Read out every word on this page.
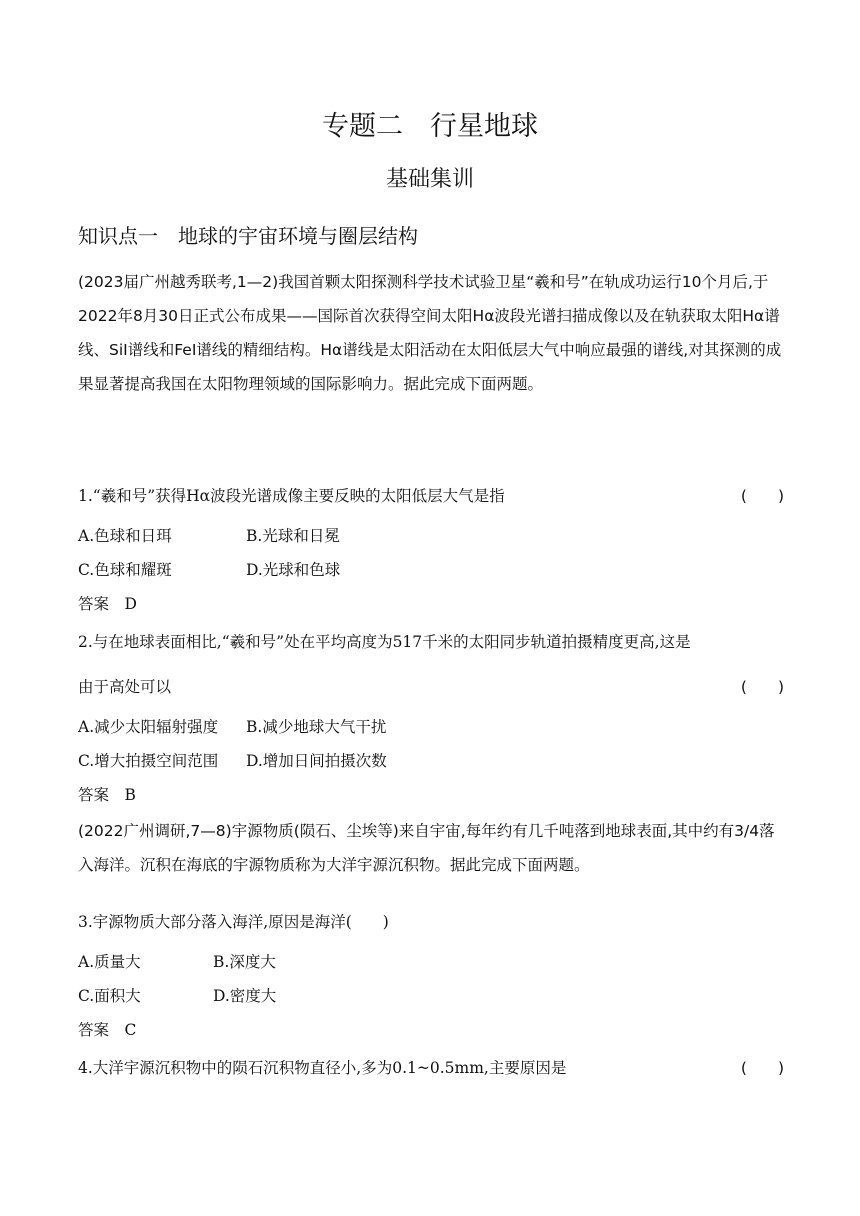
专题二　行星地球
基础集训
知识点一　地球的宇宙环境与圈层结构
(2023届广州越秀联考,1—2)我国首颗太阳探测科学技术试验卫星“羲和号”在轨成功运行10个月后,于2022年8月30日正式公布成果——国际首次获得空间太阳Hα波段光谱扫描成像以及在轨获取太阳Hα谱线、SiI谱线和FeI谱线的精细结构。Hα谱线是太阳活动在太阳低层大气中响应最强的谱线,对其探测的成果显著提高我国在太阳物理领域的国际影响力。据此完成下面两题。
1.“羲和号”获得Hα波段光谱成像主要反映的太阳低层大气是指	(　　)
A.色球和日珥	B.光球和日冕
C.色球和耀斑	D.光球和色球
答案　D
2.与在地球表面相比,“羲和号”处在平均高度为517千米的太阳同步轨道拍摄精度更高,这是
由于高处可以	(　　)
A.减少太阳辐射强度 B.减少地球大气干扰
C.增大拍摄空间范围 D.增加日间拍摄次数
答案　B
(2022广州调研,7—8)宇源物质(陨石、尘埃等)来自宇宙,每年约有几千吨落到地球表面,其中约有3/4落入海洋。沉积在海底的宇源物质称为大洋宇源沉积物。据此完成下面两题。
3.宇源物质大部分落入海洋,原因是海洋(　　)
A.质量大	B.深度大
C.面积大	D.密度大
答案　C
4.大洋宇源沉积物中的陨石沉积物直径小,多为0.1~0.5mm,主要原因是	(　　)
